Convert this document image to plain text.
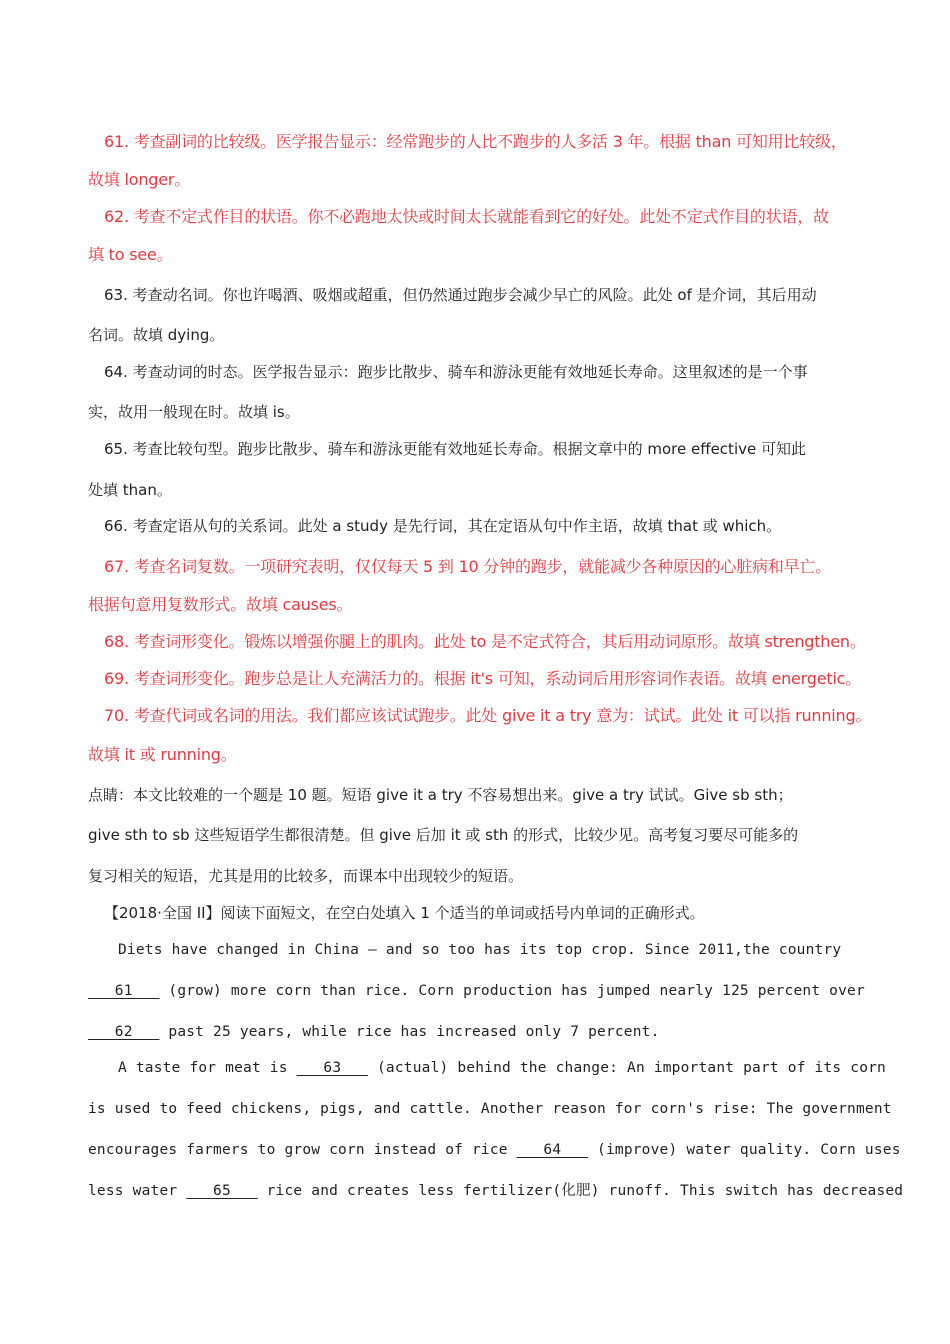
61. 考查副词的比较级。医学报告显示：经常跑步的人比不跑步的人多活 3 年。根据 than 可知用比较级，
故填 longer。
62. 考查不定式作目的状语。你不必跑地太快或时间太长就能看到它的好处。此处不定式作目的状语，故
填 to see。
63. 考查动名词。你也许喝酒、吸烟或超重，但仍然通过跑步会减少早亡的风险。此处 of 是介词，其后用动
名词。故填 dying。
64. 考查动词的时态。医学报告显示：跑步比散步、骑车和游泳更能有效地延长寿命。这里叙述的是一个事
实，故用一般现在时。故填 is。
65. 考查比较句型。跑步比散步、骑车和游泳更能有效地延长寿命。根据文章中的 more effective 可知此
处填 than。
66. 考查定语从句的关系词。此处 a study 是先行词，其在定语从句中作主语，故填 that 或 which。
67. 考查名词复数。一项研究表明，仅仅每天 5 到 10 分钟的跑步，就能减少各种原因的心脏病和早亡。
根据句意用复数形式。故填 causes。
68. 考查词形变化。锻炼以增强你腿上的肌肉。此处 to 是不定式符合，其后用动词原形。故填 strengthen。
69. 考查词形变化。跑步总是让人充满活力的。根据 it's 可知，系动词后用形容词作表语。故填 energetic。
70. 考查代词或名词的用法。我们都应该试试跑步。此处 give it a try 意为：试试。此处 it 可以指 running。
故填 it 或 running。
点睛：本文比较难的一个题是 10 题。短语 give it a try 不容易想出来。give a try 试试。Give sb sth；
give sth to sb 这些短语学生都很清楚。但 give 后加 it 或 sth 的形式，比较少见。高考复习要尽可能多的
复习相关的短语，尤其是用的比较多，而课本中出现较少的短语。
【2018·全国 II】阅读下面短文，在空白处填入 1 个适当的单词或括号内单词的正确形式。
Diets have changed in China — and so too has its top crop. Since 2011,the country
61    (grow) more corn than rice. Corn production has jumped nearly 125 percent over
62    past 25 years, while rice has increased only 7 percent.
A taste for meat is    63    (actual) behind the change: An important part of its corn
is used to feed chickens, pigs, and cattle. Another reason for corn's rise: The government
encourages farmers to grow corn instead of rice    64    (improve) water quality. Corn uses
less water    65    rice and creates less fertilizer(化肥) runoff. This switch has decreased
